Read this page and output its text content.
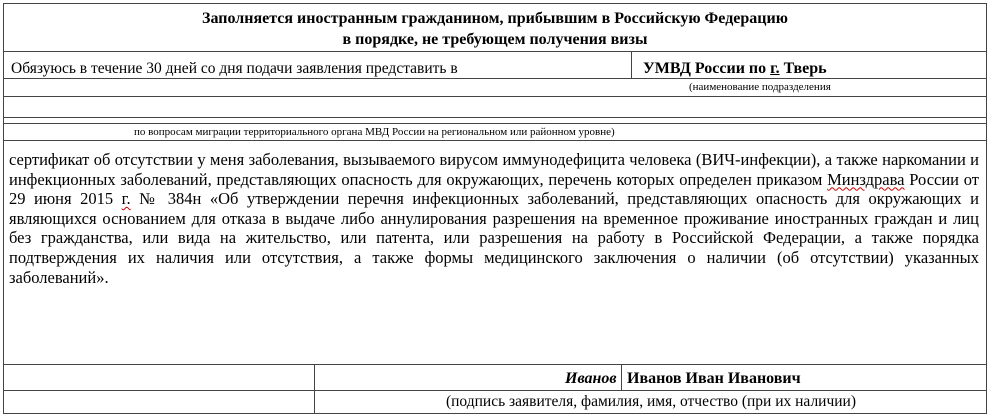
Заполняется иностранным гражданином, прибывшим в Российскую Федерацию
в порядке, не требующем получения визы
Обязуюсь в течение 30 дней со дня подачи заявления представить в	УМВД России по г. Тверь
(наименование подразделения
по вопросам миграции территориального органа МВД России на региональном или районном уровне)

сертификат об отсутствии у меня заболевания, вызываемого вирусом иммунодефицита человека (ВИЧ-инфекции), а также наркомании и инфекционных заболеваний, представляющих опасность для окружающих, перечень которых определен приказом Минздрава России от 29 июня 2015 г. № 384н «Об утверждении перечня инфекционных заболеваний, представляющих опасность для окружающих и являющихся основанием для отказа в выдаче либо аннулирования разрешения на временное проживание иностранных граждан и лиц без гражданства, или вида на жительство, или патента, или разрешения на работу в Российской Федерации, а также порядка подтверждения их наличия или отсутствия, а также формы медицинского заключения о наличии (об отсутствии) указанных заболеваний».

Иванов Иванов Иван Иванович
(подпись заявителя, фамилия, имя, отчество (при их наличии)
